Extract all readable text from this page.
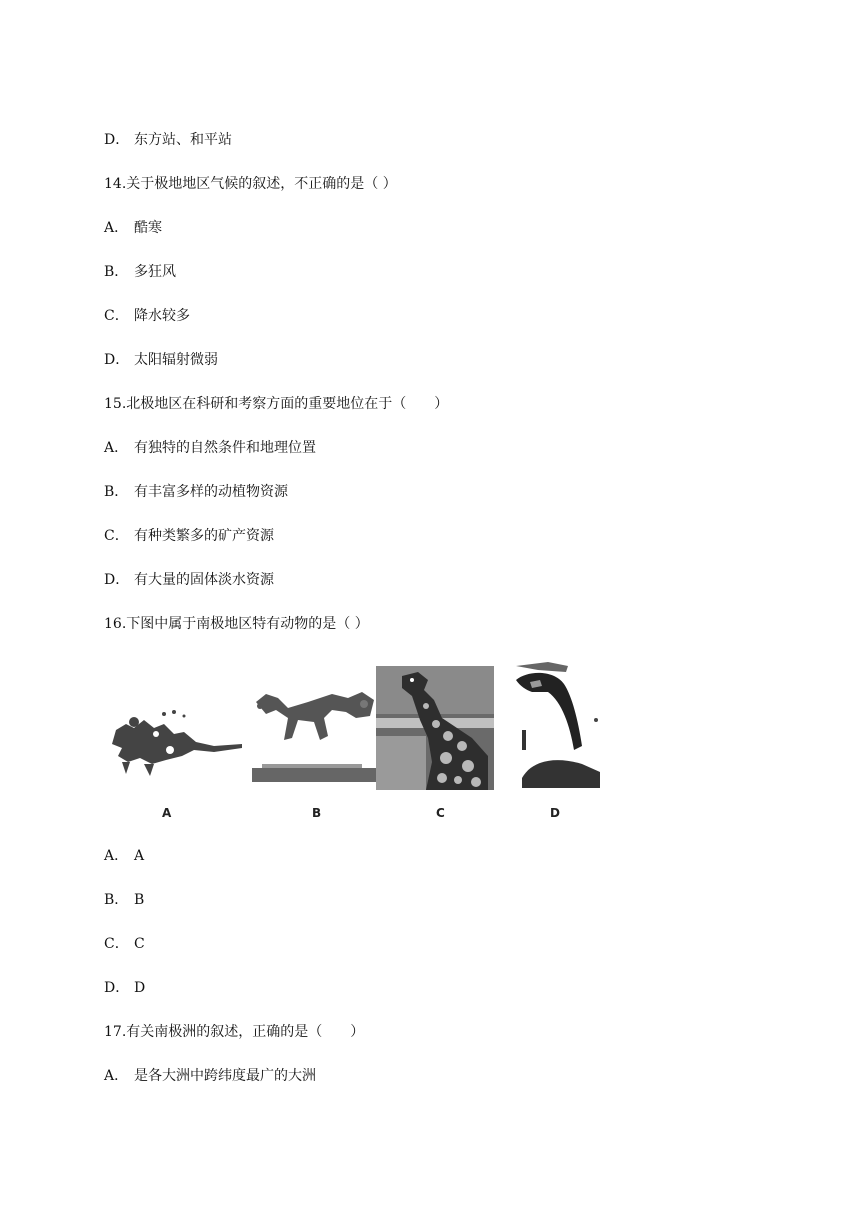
D． 东方站、和平站
14.关于极地地区气候的叙述，不正确的是（ ）
A． 酷寒
B． 多狂风
C． 降水较多
D． 太阳辐射微弱
15.北极地区在科研和考察方面的重要地位在于（　　）
A． 有独特的自然条件和地理位置
B． 有丰富多样的动植物资源
C． 有种类繁多的矿产资源
D． 有大量的固体淡水资源
16.下图中属于南极地区特有动物的是（ ）
A	B	C	D
A． A
B． B
C． C
D． D
17.有关南极洲的叙述，正确的是（　　）
A． 是各大洲中跨纬度最广的大洲
